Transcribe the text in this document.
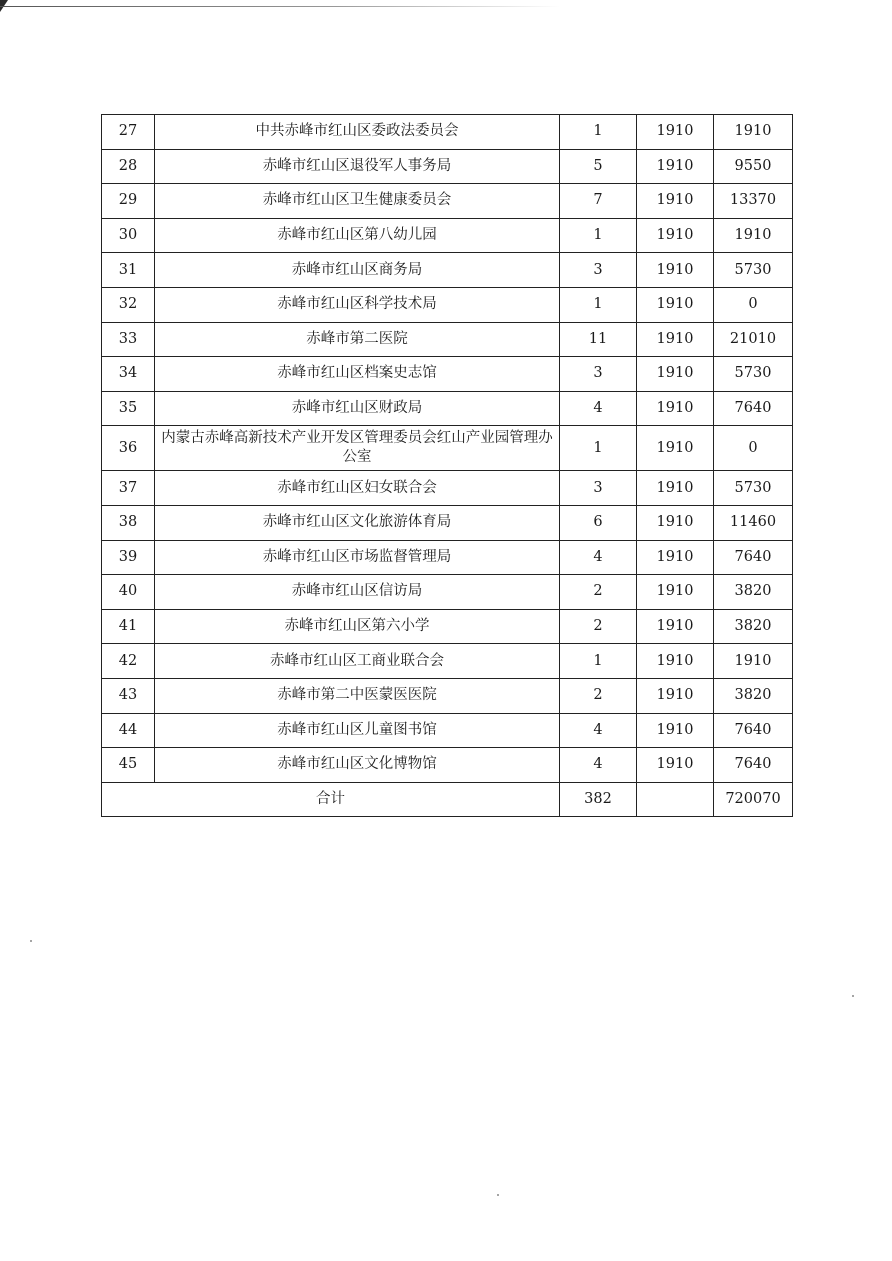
27	中共赤峰市红山区委政法委员会	1	1910	1910
28	赤峰市红山区退役军人事务局	5	1910	9550
29	赤峰市红山区卫生健康委员会	7	1910	13370
30	赤峰市红山区第八幼儿园	1	1910	1910
31	赤峰市红山区商务局	3	1910	5730
32	赤峰市红山区科学技术局	1	1910	0
33	赤峰市第二医院	11	1910	21010
34	赤峰市红山区档案史志馆	3	1910	5730
35	赤峰市红山区财政局	4	1910	7640
36	内蒙古赤峰高新技术产业开发区管理委员会红山产业园管理办公室	1	1910	0
37	赤峰市红山区妇女联合会	3	1910	5730
38	赤峰市红山区文化旅游体育局	6	1910	11460
39	赤峰市红山区市场监督管理局	4	1910	7640
40	赤峰市红山区信访局	2	1910	3820
41	赤峰市红山区第六小学	2	1910	3820
42	赤峰市红山区工商业联合会	1	1910	1910
43	赤峰市第二中医蒙医医院	2	1910	3820
44	赤峰市红山区儿童图书馆	4	1910	7640
45	赤峰市红山区文化博物馆	4	1910	7640
合计		382		720070
